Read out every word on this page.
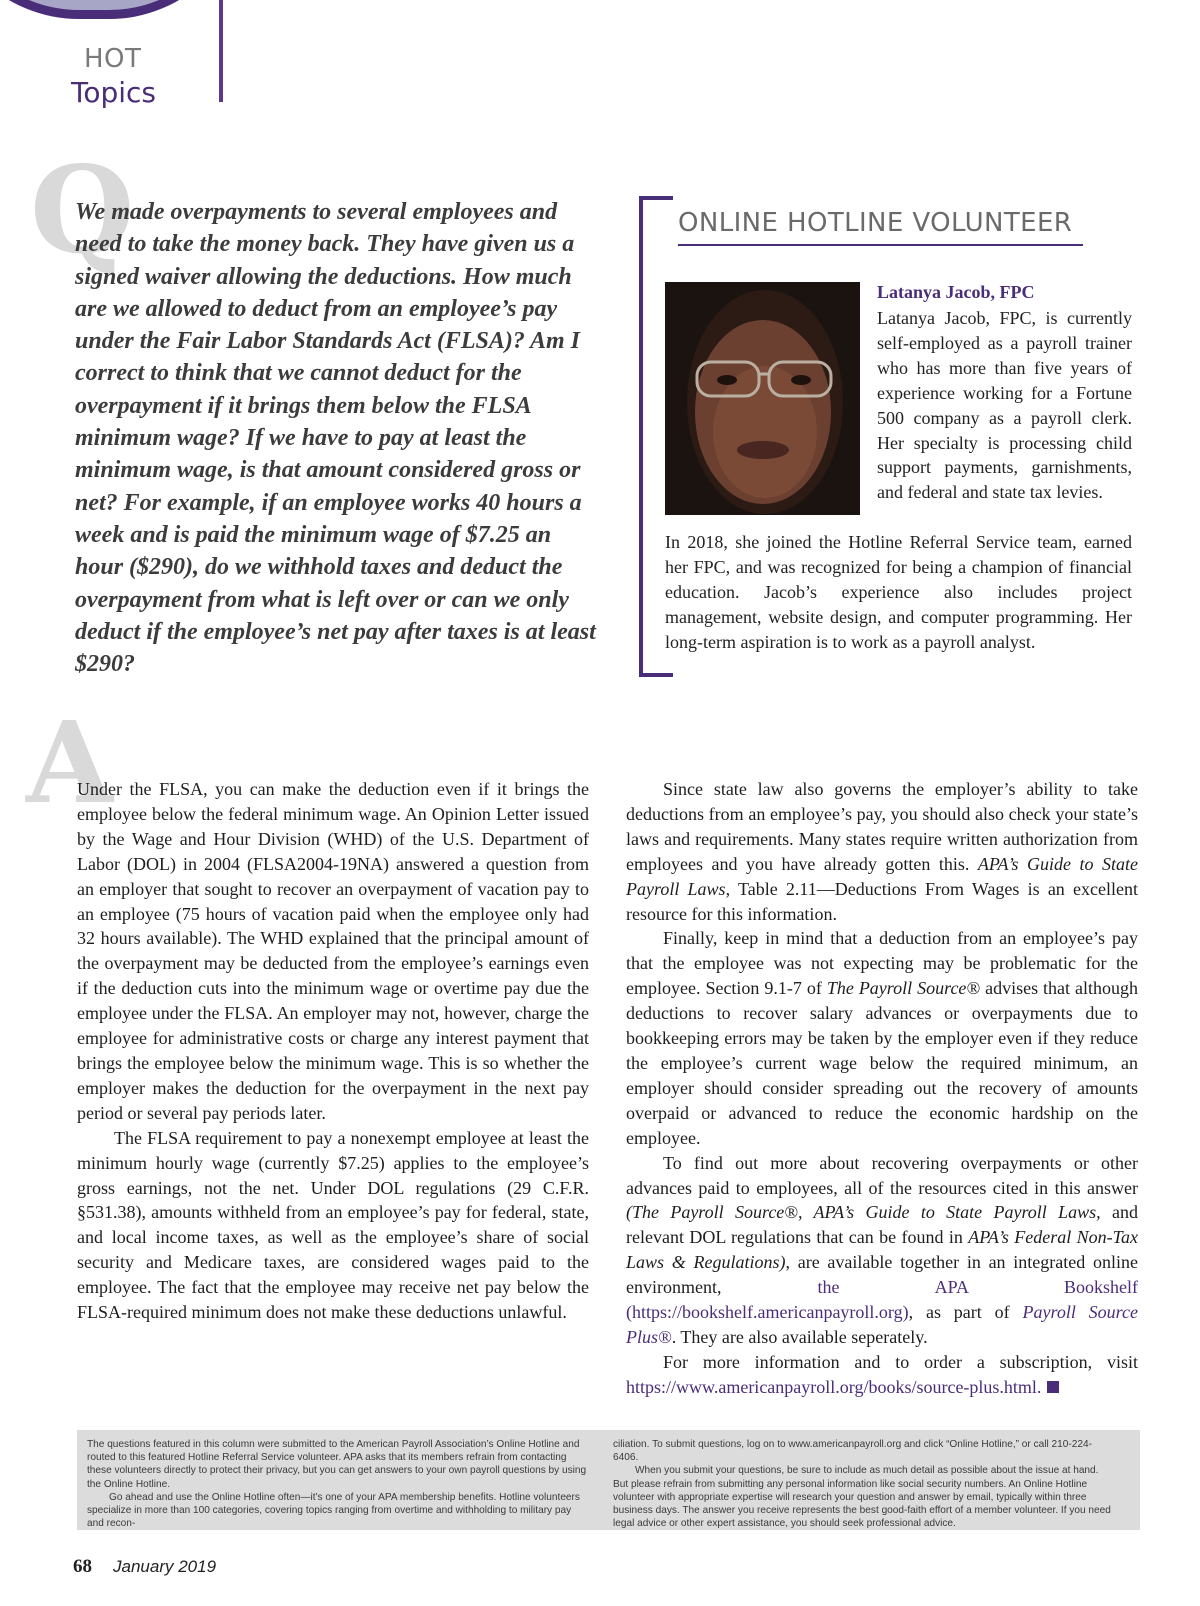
HOT
Topics
Q

We made overpayments to several employees and need to take the money back. They have given us a signed waiver allowing the deductions. How much are we allowed to deduct from an employee’s pay under the Fair Labor Standards Act (FLSA)? Am I correct to think that we cannot deduct for the overpayment if it brings them below the FLSA minimum wage? If we have to pay at least the minimum wage, is that amount considered gross or net? For example, if an employee works 40 hours a week and is paid the minimum wage of $7.25 an hour ($290), do we withhold taxes and deduct the overpayment from what is left over or can we only deduct if the employee’s net pay after taxes is at least $290?

ONLINE HOTLINE VOLUNTEER
Latanya Jacob, FPC

Latanya Jacob, FPC, is currently self-employed as a payroll trainer who has more than five years of experience working for a Fortune 500 company as a payroll clerk. Her specialty is processing child support payments, garnishments, and federal and state tax levies.

In 2018, she joined the Hotline Referral Service team, earned her FPC, and was recognized for being a champion of financial education. Jacob’s experience also includes project management, website design, and computer programming. Her long-term aspiration is to work as a payroll analyst.

A

Under the FLSA, you can make the deduction even if it brings the employee below the federal minimum wage. An Opinion Letter issued by the Wage and Hour Division (WHD) of the U.S. Department of Labor (DOL) in 2004 (FLSA2004-19NA) answered a question from an employer that sought to recover an overpayment of vacation pay to an employee (75 hours of vacation paid when the employee only had 32 hours available). The WHD explained that the principal amount of the overpayment may be deducted from the employee’s earnings even if the deduction cuts into the minimum wage or overtime pay due the employee under the FLSA. An employer may not, however, charge the employee for administrative costs or charge any interest payment that brings the employee below the minimum wage. This is so whether the employer makes the deduction for the overpayment in the next pay period or several pay periods later.

The FLSA requirement to pay a nonexempt employee at least the minimum hourly wage (currently $7.25) applies to the employee’s gross earnings, not the net. Under DOL regulations (29 C.F.R. §531.38), amounts withheld from an employee’s pay for federal, state, and local income taxes, as well as the employee’s share of social security and Medicare taxes, are considered wages paid to the employee. The fact that the employee may receive net pay below the FLSA-required minimum does not make these deductions unlawful.

Since state law also governs the employer’s ability to take deductions from an employee’s pay, you should also check your state’s laws and requirements. Many states require written authorization from employees and you have already gotten this. APA’s Guide to State Payroll Laws, Table 2.11—Deductions From Wages is an excellent resource for this information.

Finally, keep in mind that a deduction from an employee’s pay that the employee was not expecting may be problematic for the employee. Section 9.1-7 of The Payroll Source® advises that although deductions to recover salary advances or overpayments due to bookkeeping errors may be taken by the employer even if they reduce the employee’s current wage below the required minimum, an employer should consider spreading out the recovery of amounts overpaid or advanced to reduce the economic hardship on the employee.

To find out more about recovering overpayments or other advances paid to employees, all of the resources cited in this answer (The Payroll Source®, APA’s Guide to State Payroll Laws, and relevant DOL regulations that can be found in APA’s Federal Non-Tax Laws & Regulations), are available together in an integrated online environment, the APA Bookshelf (https://bookshelf.americanpayroll.org), as part of Payroll Source Plus®. They are also available seperately.

For more information and to order a subscription, visit https://www.americanpayroll.org/books/source-plus.html.

The questions featured in this column were submitted to the American Payroll Association’s Online Hotline and routed to this featured Hotline Referral Service volunteer. APA asks that its members refrain from contacting these volunteers directly to protect their privacy, but you can get answers to your own payroll questions by using the Online Hotline.

Go ahead and use the Online Hotline often—it’s one of your APA membership benefits. Hotline volunteers specialize in more than 100 categories, covering topics ranging from overtime and withholding to military pay and recon-

ciliation. To submit questions, log on to www.americanpayroll.org and click “Online Hotline,” or call 210-224-6406.

When you submit your questions, be sure to include as much detail as possible about the issue at hand. But please refrain from submitting any personal information like social security numbers. An Online Hotline volunteer with appropriate expertise will research your question and answer by email, typically within three business days. The answer you receive represents the best good-faith effort of a member volunteer. If you need legal advice or other expert assistance, you should seek professional advice.

68 January 2019
